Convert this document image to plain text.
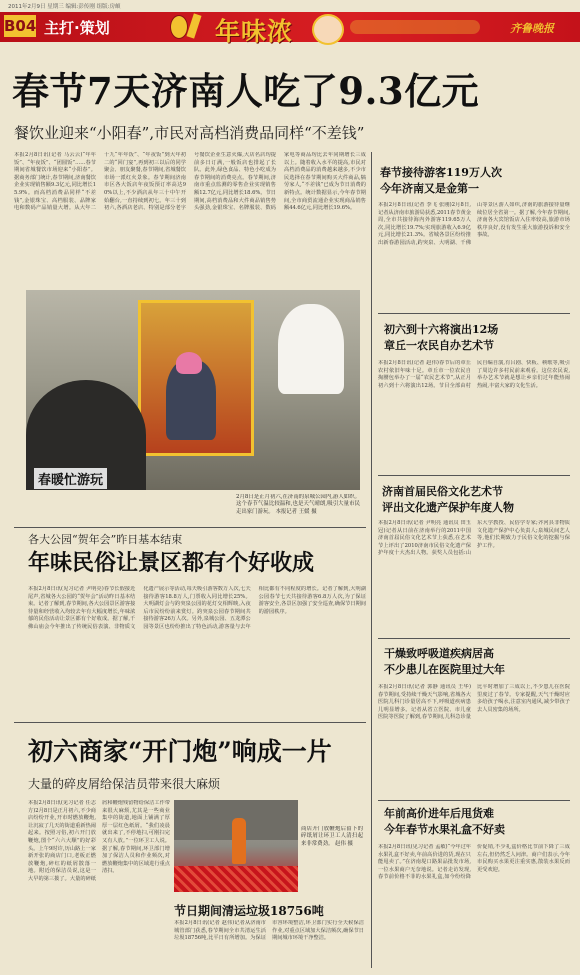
2011年2月9日 星期三 编辑:彭传刚 组版:房頔
B04 主打·策划	年味浓	齐鲁晚报
春节7天济南人吃了9.3亿元
餐饮业迎来“小阳春”,市民对高档消费品同样“不差钱”
本报2月8日讯(记者 马云云)“年年饭”、“年夜饭”、“团圆饭”……春节期间省城餐饮市场迎来“小阳春”。据商务部门统计,春节期间,济南餐饮企业实现销售额9.3亿元,同比增长15.9%。而高档消费品同样“不差钱”,金银珠宝、高档服装、品牌家电和数码产品销量大增。从大年二十九“年年饭”、“年夜饭”到大年初二的“回门宴”,再到初三以后的同学聚会、朋友聚餐,春节期间,省城餐饮市场一派红火景象。春节期间济南市区各大饭店年夜饭预订率高达90%以上,不少酒店从年三十中午开始翻台,一直持续到初七。年三十到初六,各酒店老店、特别是部分老字号餐饮企业生意火爆,大店名店均提前多日订满,一般饭店也排起了长队。此外,绿色食品、特色小吃成为春节期间的消费亮点。春节期间,济南市重点监测的零售企业实现销售额12.7亿元,同比增长18.6%。节日期间,高档消费品和大件商品销售势头强劲,金银珠宝、名牌服装、数码家电等商品均比去年同期增长三成以上。随着收入水平的提高,市民对高档消费品的消费越来越多,不少市民选择在春节期间购买大件商品,犒劳家人,“不差钱”已成为节日消费的新特点。统计数据显示,今年春节期间,全市商贸流通企业实现商品销售额44.6亿元,同比增长19.6%。
春暖忙游玩
2月8日是正月初六,在济南的泉城公园内,游人如织。这个春节气温比较温和,也是天气晴朗,吸引大量市民走出家门游玩。 本报记者 王媛 摄
各大公园“贺年会”昨日基本结束
年味民俗让景区都有个好收成
本报2月8日讯(见习记者 尹明亮)春节长假接近尾声,省城各大公园的“贺年会”活动昨日基本结束。记者了解到,春节期间,各大公园景区游客接待量和经营收入均较去年有大幅度增长,年味浓郁的民俗活动让景区都有个好收成。据了解,千佛山庙会今年推出了传统民俗表演、非物质文化遗产展示等活动,每天吸引游客数万人次,七天接待游客18.8万人,门票收入同比增长25%。大明湖灯会与趵突泉公园的花灯交相辉映,入夜后市民纷纷前来赏灯。趵突泉公园春节期间共接待游客26万人次。另外,泉城公园、五龙潭公园等景区也纷纷推出了特色活动,游客量与去年相比都有不同程度的增长。记者了解到,大明湖公园春节七天共接待游客6.8万人次,为了保证游客安全,各景区加强了安全巡查,确保节日期间的游园秩序。
初六商家“开门炮”响成一片
大量的碎皮屑给保洁员带来很大麻烦
本报2月8日讯(见习记者 任志方)2月8日是正月初六,不少商店纷纷开业,开市时燃放鞭炮,让沉寂了几天的街道重新热闹起来。按照习俗,初六开门放鞭炮,图个“六六大顺”的好彩头。上午9时许,历山路上一家新开张的商店门口,老板正燃放鞭炮,碎红的纸屑散落一地。附近的保洁员说,这是一大早的第三拨了。大量的碎纸屑和鞭炮残留物给保洁工作带来很大麻烦,尤其是一些商业集中的街道,地面上铺满了厚厚一层红色纸屑。“我们凌晨就出来了,不停地扫,可刚扫完又有人放。”一位环卫工人说。据了解,春节期间,环卫部门增加了保洁人员和作业频次,对燃放鞭炮集中的区域进行重点清扫。
商店开门放鞭炮后留下的碎纸屑让环卫工人清扫起来非常费劲。 赵伟 摄
节日期间清运垃圾18756吨
本报2月8日讯(记者 赵伟)记者从济南市城管部门获悉,春节期间全市共清运生活垃圾18756吨,比平日有所增加。为保证市容环境整洁,环卫部门实行全天候保洁作业,对重点区域加大保洁频次,确保节日期间城市环境干净整洁。
春节接待游客119万人次
今年济南又是金第一
本报2月8日讯(记者 李飞 张刚)2月8日,记者从济南市旅游局获悉,2011春节黄金周,全市共接待海内外游客119.65万人次,同比增长19.7%;实现旅游收入6.9亿元,同比增长21.3%。省城各景区纷纷推出新春游园活动,趵突泉、大明湖、千佛山等景区游人如织,济南的旅游接待量继续位居全省第一。据了解,今年春节期间,济南各大宾馆饭店入住率较高,旅游市场秩序良好,没有发生重大旅游投诉和安全事故。
初六到十六将演出12场
章丘一农民自办艺术节
本报2月8日讯(记者 赵伟)春节后的章丘农村依旧年味十足。章丘市一位农民自掏腰包举办了一届“农民艺术节”,从正月初六到十六将演出12场。节目全部由村民自编自演,有吕剧、快板、秧歌等,吸引了周边许多村民前来观看。这位农民说,举办艺术节就是想让乡亲们过年能热闹热闹,丰富大家的文化生活。
济南首届民俗文化艺术节
评出文化遗产保护年度人物
本报2月8日讯(记者 尹明亮 通讯员 田玉冠)记者从日前在济南举行的2011中国济南首届民俗文化艺术节上获悉,在艺术节上评出了2010济南市民俗文化遗产保护年度十大杰出人物。获奖人员包括:山东大学教授、民俗学专家;齐河县非物质文化遗产保护中心负责人;泉城民间艺人等,他们长期致力于民俗文化的挖掘与保护工作。
干燥致呼吸道疾病居高
不少患儿在医院里过大年
本报2月8日讯(记者 郭静 通讯员 王华)春节期间,受持续干燥天气影响,省城各大医院儿科门诊量居高不下,呼吸道疾病患儿明显增多。记者从省立医院、市儿童医院等医院了解到,春节期间,儿科急诊量比平时增加了三成以上,不少患儿在医院里度过了春节。专家提醒,天气干燥时应多给孩子喝水,注意室内通风,减少带孩子去人员密集的场所。
年前高价进年后甩货难
今年春节水果礼盒不好卖
本报2月8日讯(见习记者 孟敏)“今年过年水果礼盒不好卖,年前高价进的货,现在只能甩卖了。”在济南堤口路果品批发市场,一位水果商户无奈地说。记者走访发现,春节前价格不菲的水果礼盒,如今纷纷降价促销,不少礼盒价格比节前下降了三成左右,但仍然乏人问津。商户们表示,今年市民购买水果更注重实惠,散装水果反而更受欢迎。
